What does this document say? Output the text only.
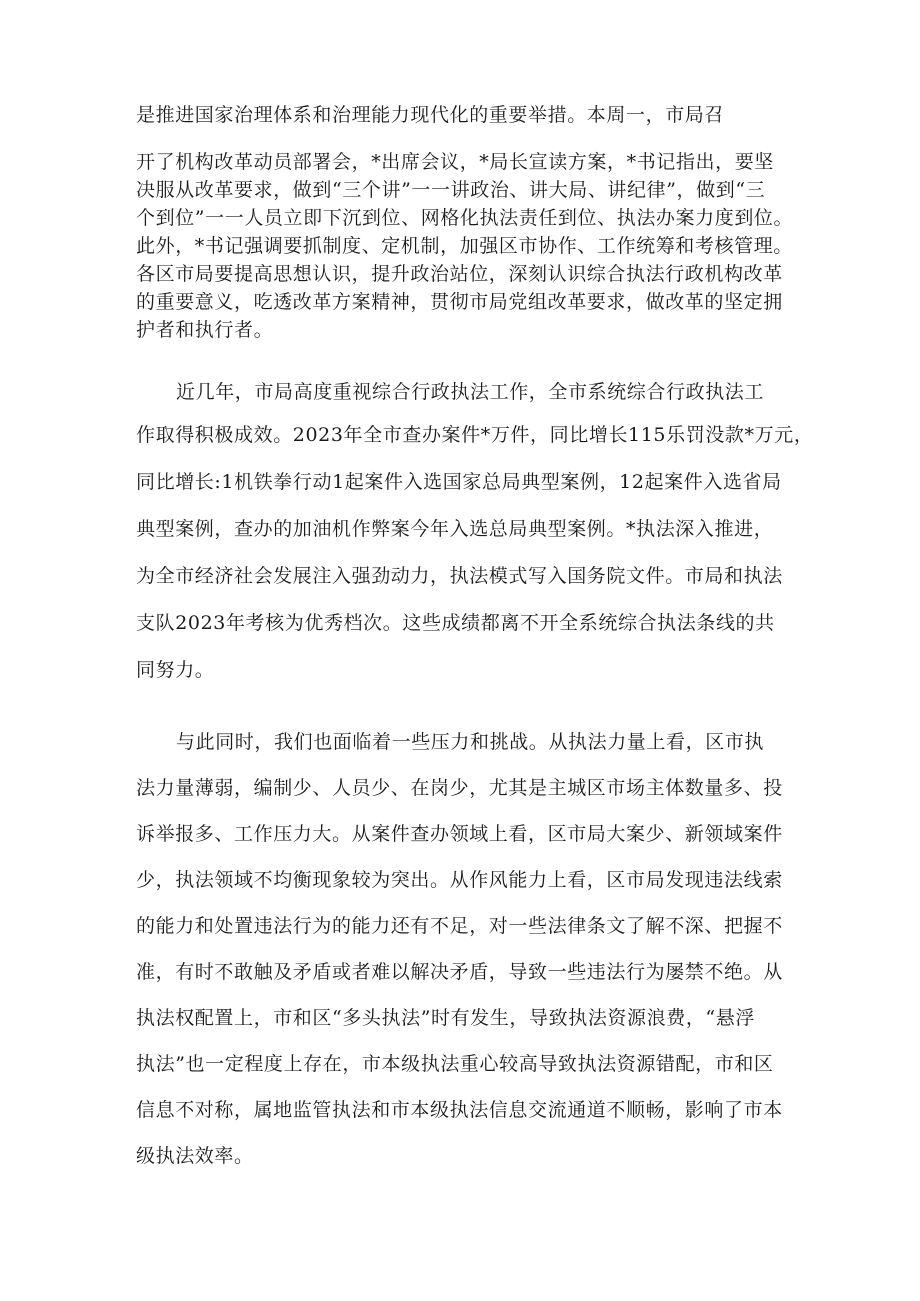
是推进国家治理体系和治理能力现代化的重要举措。本周一，市局召
开了机构改革动员部署会，*出席会议，*局长宣读方案，*书记指出，要坚
决服从改革要求，做到“三个讲”一一讲政治、讲大局、讲纪律”，做到“三
个到位”一一人员立即下沉到位、网格化执法责任到位、执法办案力度到位。
此外，*书记强调要抓制度、定机制，加强区市协作、工作统筹和考核管理。
各区市局要提高思想认识，提升政治站位，深刻认识综合执法行政机构改革
的重要意义，吃透改革方案精神，贯彻市局党组改革要求，做改革的坚定拥
护者和执行者。
近几年，市局高度重视综合行政执法工作，全市系统综合行政执法工
作取得积极成效。2023年全市查办案件*万件，同比增长115乐罚没款*万元，
同比增长:1机铁拳行动1起案件入选国家总局典型案例，12起案件入选省局
典型案例，查办的加油机作弊案今年入选总局典型案例。*执法深入推进，
为全市经济社会发展注入强劲动力，执法模式写入国务院文件。市局和执法
支队2023年考核为优秀档次。这些成绩都离不开全系统综合执法条线的共
同努力。
与此同时，我们也面临着一些压力和挑战。从执法力量上看，区市执
法力量薄弱，编制少、人员少、在岗少，尤其是主城区市场主体数量多、投
诉举报多、工作压力大。从案件查办领域上看，区市局大案少、新领域案件
少，执法领域不均衡现象较为突出。从作风能力上看，区市局发现违法线索
的能力和处置违法行为的能力还有不足，对一些法律条文了解不深、把握不
准，有时不敢触及矛盾或者难以解决矛盾，导致一些违法行为屡禁不绝。从
执法权配置上，市和区“多头执法”时有发生，导致执法资源浪费，“悬浮
执法”也一定程度上存在，市本级执法重心较高导致执法资源错配，市和区
信息不对称，属地监管执法和市本级执法信息交流通道不顺畅，影响了市本
级执法效率。
